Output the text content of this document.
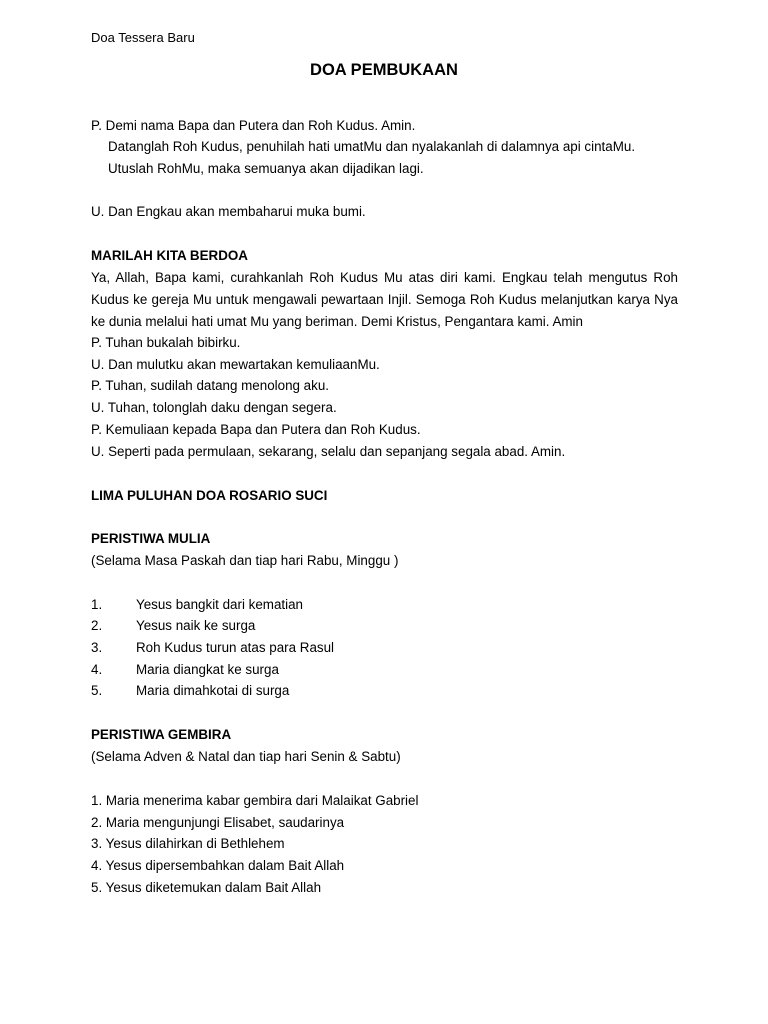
Doa Tessera Baru
DOA PEMBUKAAN
P. Demi nama Bapa dan Putera dan Roh Kudus. Amin.
Datanglah Roh Kudus, penuhilah hati umatMu dan nyalakanlah di dalamnya api cintaMu.
Utuslah RohMu, maka semuanya akan dijadikan lagi.
U. Dan Engkau akan membaharui muka bumi.
MARILAH KITA BERDOA
Ya, Allah, Bapa kami, curahkanlah Roh Kudus Mu atas diri kami. Engkau telah mengutus Roh
Kudus ke gereja Mu untuk mengawali pewartaan Injil. Semoga Roh Kudus melanjutkan karya Nya
ke dunia melalui hati umat Mu yang beriman. Demi Kristus, Pengantara kami. Amin
P. Tuhan bukalah bibirku.
U. Dan mulutku akan mewartakan kemuliaanMu.
P. Tuhan, sudilah datang menolong aku.
U. Tuhan, tolonglah daku dengan segera.
P. Kemuliaan kepada Bapa dan Putera dan Roh Kudus.
U. Seperti pada permulaan, sekarang, selalu dan sepanjang segala abad. Amin.
LIMA PULUHAN DOA ROSARIO SUCI
PERISTIWA MULIA
(Selama Masa Paskah dan tiap hari Rabu, Minggu )
1.	Yesus bangkit dari kematian
2.	Yesus naik ke surga
3.	Roh Kudus turun atas para Rasul
4.	Maria diangkat ke surga
5.	Maria dimahkotai di surga
PERISTIWA GEMBIRA
(Selama Adven & Natal dan tiap hari Senin & Sabtu)
1. Maria menerima kabar gembira dari Malaikat Gabriel
2. Maria mengunjungi Elisabet, saudarinya
3. Yesus dilahirkan di Bethlehem
4. Yesus dipersembahkan dalam Bait Allah
5. Yesus diketemukan dalam Bait Allah
